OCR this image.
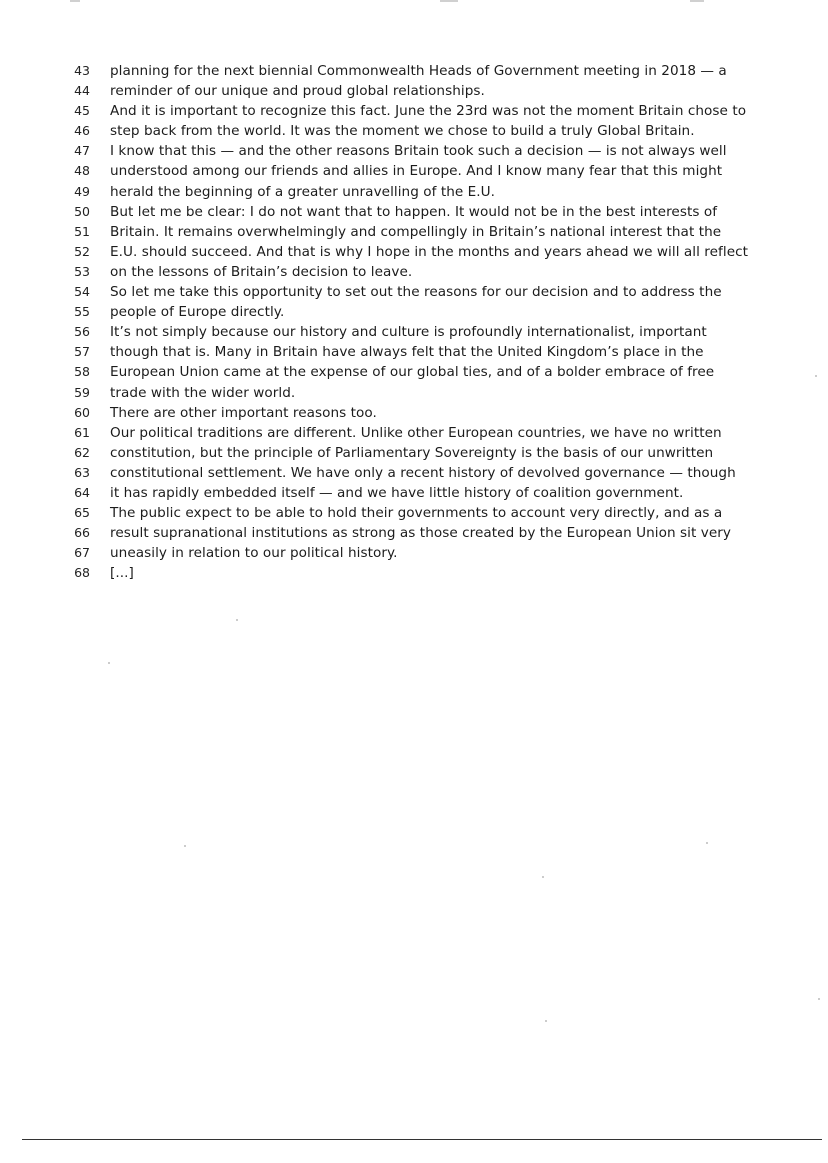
43	planning for the next biennial Commonwealth Heads of Government meeting in 2018 — a
44	reminder of our unique and proud global relationships.
45	And it is important to recognize this fact. June the 23rd was not the moment Britain chose to
46	step back from the world. It was the moment we chose to build a truly Global Britain.
47	I know that this — and the other reasons Britain took such a decision — is not always well
48	understood among our friends and allies in Europe. And I know many fear that this might
49	herald the beginning of a greater unravelling of the E.U.
50	But let me be clear: I do not want that to happen. It would not be in the best interests of
51	Britain. It remains overwhelmingly and compellingly in Britain’s national interest that the
52	E.U. should succeed. And that is why I hope in the months and years ahead we will all reflect
53	on the lessons of Britain’s decision to leave.
54	So let me take this opportunity to set out the reasons for our decision and to address the
55	people of Europe directly.
56	It’s not simply because our history and culture is profoundly internationalist, important
57	though that is. Many in Britain have always felt that the United Kingdom’s place in the
58	European Union came at the expense of our global ties, and of a bolder embrace of free
59	trade with the wider world.
60	There are other important reasons too.
61	Our political traditions are different. Unlike other European countries, we have no written
62	constitution, but the principle of Parliamentary Sovereignty is the basis of our unwritten
63	constitutional settlement. We have only a recent history of devolved governance — though
64	it has rapidly embedded itself — and we have little history of coalition government.
65	The public expect to be able to hold their governments to account very directly, and as a
66	result supranational institutions as strong as those created by the European Union sit very
67	uneasily in relation to our political history.
68	[...]
